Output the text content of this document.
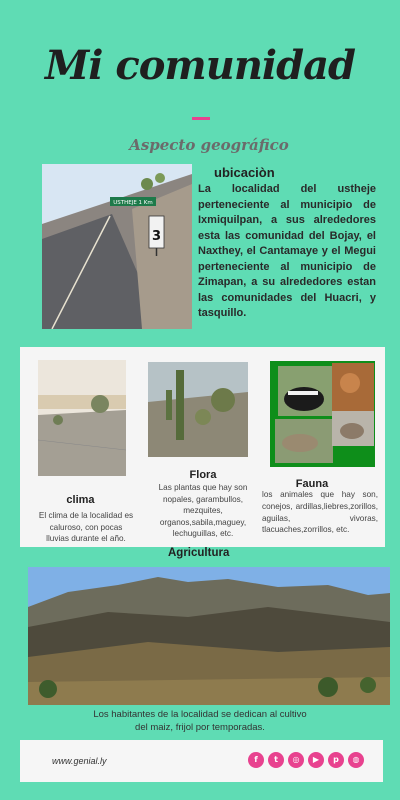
Mi comunidad
Aspecto geográfico
USTHEJE 1 Km
3
ubicaciòn
La localidad del ustheje perteneciente al municipio de Ixmiquilpan, a sus alrededores esta las comunidad del Bojay, el Naxthey, el Cantamaye y el Megui perteneciente al municipio de Zimapan, a su alrededores estan las comunidades del Huacri, y tasquillo.
clima
El clima de la localidad es caluroso, con pocas lluvias durante el año.
Flora
Las plantas que hay son nopales, garambullos, mezquites, organos,sabila,maguey, lechuguillas, etc.
Fauna
los animales que hay son, conejos, ardillas,liebres,zorillos, aguilas, vivoras, tlacuaches,zorrillos, etc.
Agricultura
Los habitantes de la localidad se dedican al cultivo del maiz, frijol por temporadas.
www.genial.ly	f	t	◎	▶	p	◍
